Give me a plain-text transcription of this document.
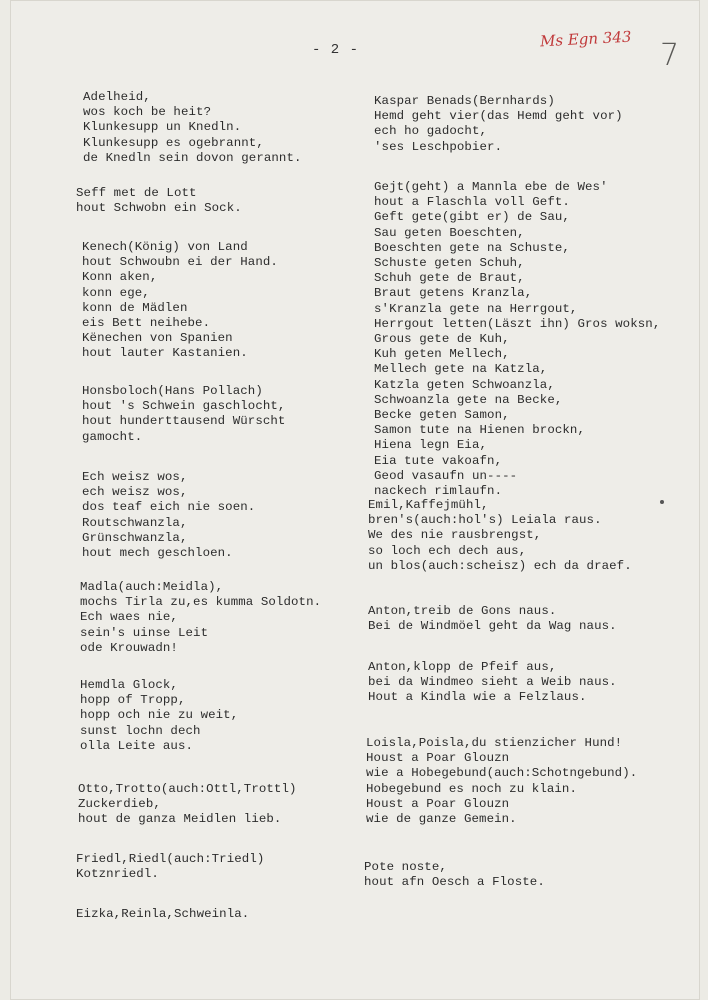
- 2 -	Ms Egn 343 7
Adelheid,
wos koch be heit?
Klunkesupp un Knedln.
Klunkesupp es ogebrannt,
de Knedln sein dovon gerannt.
Seff met de Lott
hout Schwobn ein Sock.
Kenech(König) von Land
hout Schwoubn ei der Hand.
Konn aken,
konn ege,
konn de Mädlen
eis Bett neihebe.
Kënechen von Spanien
hout lauter Kastanien.
Honsboloch(Hans Pollach)
hout 's Schwein gaschlocht,
hout hunderttausend Würscht
gamocht.
Ech weisz wos,
ech weisz wos,
dos teaf eich nie soen.
Routschwanzla,
Grünschwanzla,
hout mech geschloen.
Madla(auch:Meidla),
mochs Tirla zu,es kumma Soldotn.
Ech waes nie,
sein's uinse Leit
ode Krouwadn!
Hemdla Glock,
hopp of Tropp,
hopp och nie zu weit,
sunst lochn dech
olla Leite aus.
Otto,Trotto(auch:Ottl,Trottl)
Zuckerdieb,
hout de ganza Meidlen lieb.
Friedl,Riedl(auch:Triedl)
Kotznriedl.
Eizka,Reinla,Schweinla.
Kaspar Benads(Bernhards)
Hemd geht vier(das Hemd geht vor)
ech ho gadocht,
'ses Leschpobier.
Gejt(geht) a Mannla ebe de Wes'
hout a Flaschla voll Geft.
Geft gete(gibt er) de Sau,
Sau geten Boeschten,
Boeschten gete na Schuste,
Schuste geten Schuh,
Schuh gete de Braut,
Braut getens Kranzla,
s'Kranzla gete na Herrgout,
Herrgout letten(Läszt ihn) Gros woksn,
Grous gete de Kuh,
Kuh geten Mellech,
Mellech gete na Katzla,
Katzla geten Schwoanzla,
Schwoanzla gete na Becke,
Becke geten Samon,
Samon tute na Hienen brockn,
Hiena legn Eia,
Eia tute vakoafn,
Geod vasaufn un----
nackech rimlaufn.
Emil,Kaffejmühl,
bren's(auch:hol's) Leiala raus.
We des nie rausbrengst,
so loch ech dech aus,
un blos(auch:scheisz) ech da draef.
Anton,treib de Gons naus.
Bei de Windmöel geht da Wag naus.
Anton,klopp de Pfeif aus,
bei da Windmeo sieht a Weib naus.
Hout a Kindla wie a Felzlaus.
Loisla,Poisla,du stienzicher Hund!
Houst a Poar Glouzn
wie a Hobegebund(auch:Schotngebund).
Hobegebund es noch zu klain.
Houst a Poar Glouzn
wie de ganze Gemein.
Pote noste,
hout afn Oesch a Floste.
